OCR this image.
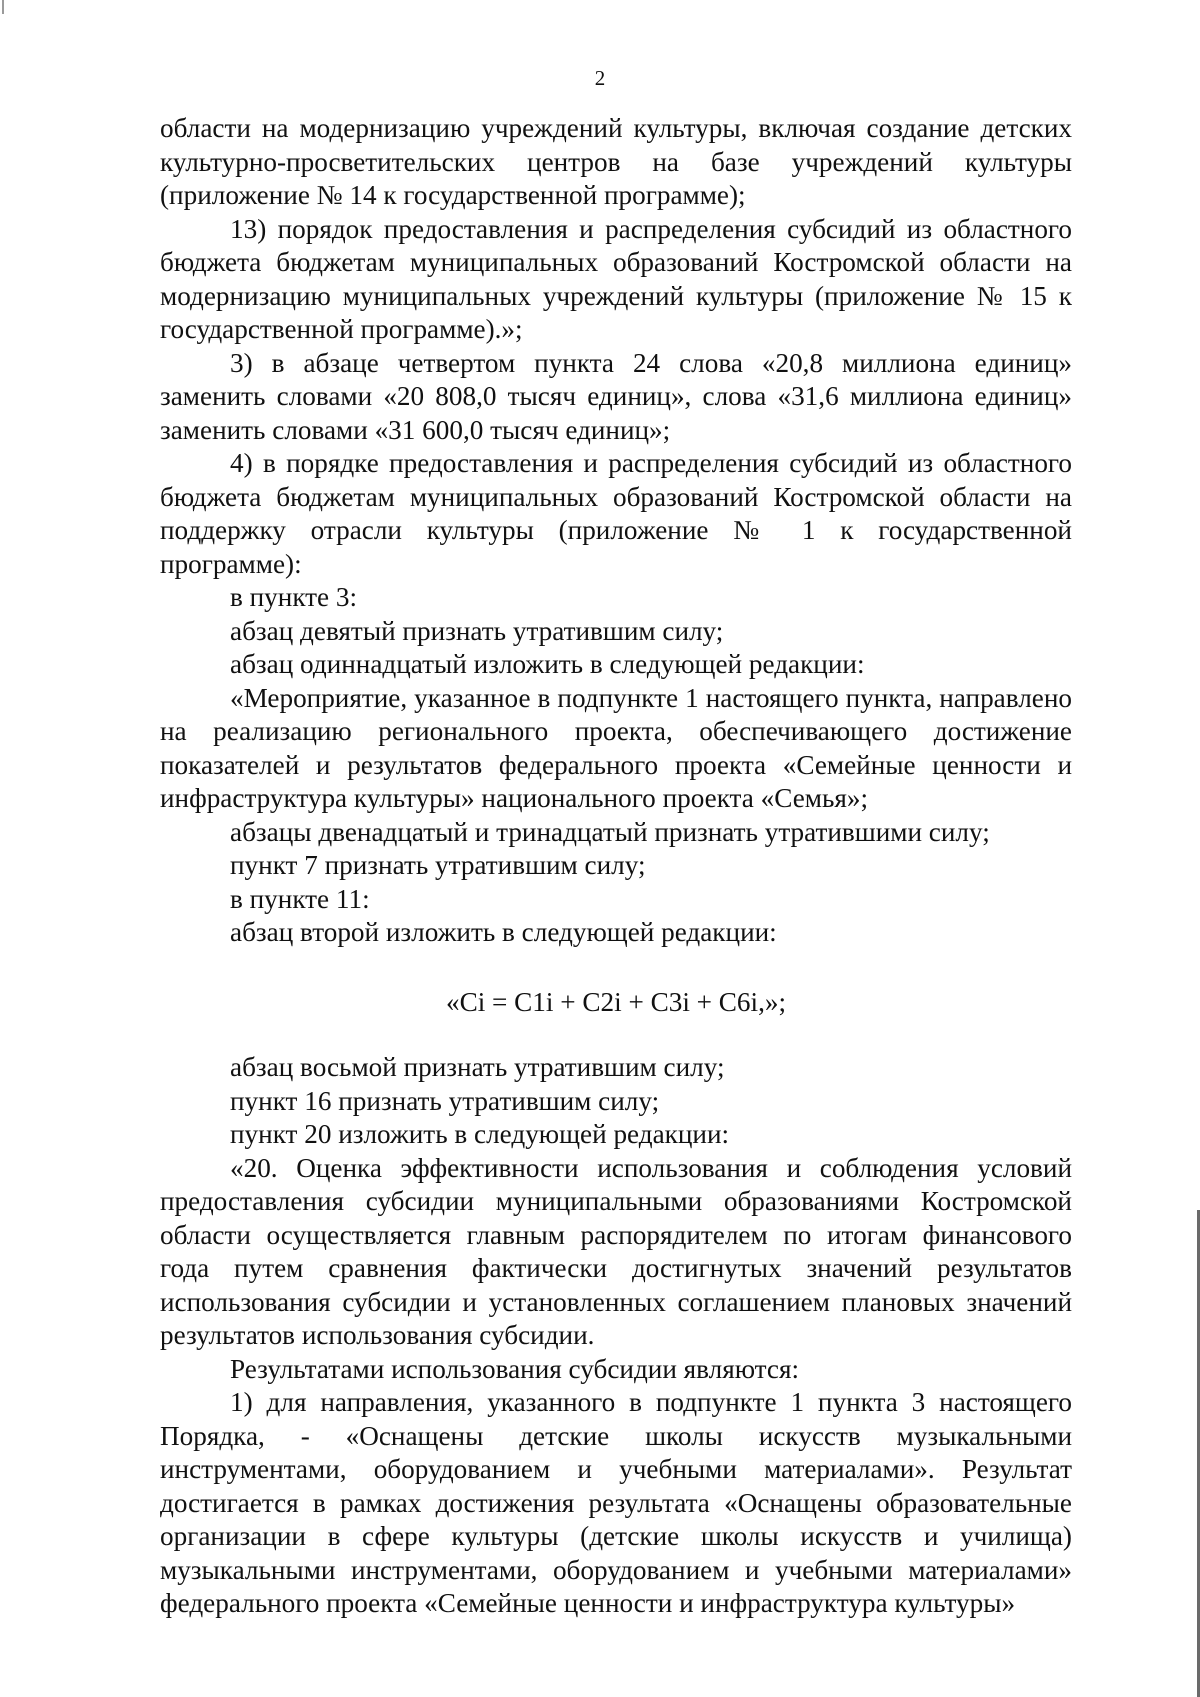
2

области на модернизацию учреждений культуры, включая создание детских культурно-просветительских центров на базе учреждений культуры (приложение № 14 к государственной программе);

13) порядок предоставления и распределения субсидий из областного бюджета бюджетам муниципальных образований Костромской области на модернизацию муниципальных учреждений культуры (приложение № 15 к государственной программе).»;

3) в абзаце четвертом пункта 24 слова «20,8 миллиона единиц» заменить словами «20 808,0 тысяч единиц», слова «31,6 миллиона единиц» заменить словами «31 600,0 тысяч единиц»;

4) в порядке предоставления и распределения субсидий из областного бюджета бюджетам муниципальных образований Костромской области на поддержку отрасли культуры (приложение № 1 к государственной программе):

в пункте 3:

абзац девятый признать утратившим силу;

абзац одиннадцатый изложить в следующей редакции:

«Мероприятие, указанное в подпункте 1 настоящего пункта, направлено на реализацию регионального проекта, обеспечивающего достижение показателей и результатов федерального проекта «Семейные ценности и инфраструктура культуры» национального проекта «Семья»;

абзацы двенадцатый и тринадцатый признать утратившими силу;

пункт 7 признать утратившим силу;

в пункте 11:

абзац второй изложить в следующей редакции:

«Ci = C1i + C2i + C3i + C6i,»;

абзац восьмой признать утратившим силу;

пункт 16 признать утратившим силу;

пункт 20 изложить в следующей редакции:

«20. Оценка эффективности использования и соблюдения условий предоставления субсидии муниципальными образованиями Костромской области осуществляется главным распорядителем по итогам финансового года путем сравнения фактически достигнутых значений результатов использования субсидии и установленных соглашением плановых значений результатов использования субсидии.

Результатами использования субсидии являются:

1) для направления, указанного в подпункте 1 пункта 3 настоящего Порядка, - «Оснащены детские школы искусств музыкальными инструментами, оборудованием и учебными материалами». Результат достигается в рамках достижения результата «Оснащены образовательные организации в сфере культуры (детские школы искусств и училища) музыкальными инструментами, оборудованием и учебными материалами» федерального проекта «Семейные ценности и инфраструктура культуры»
